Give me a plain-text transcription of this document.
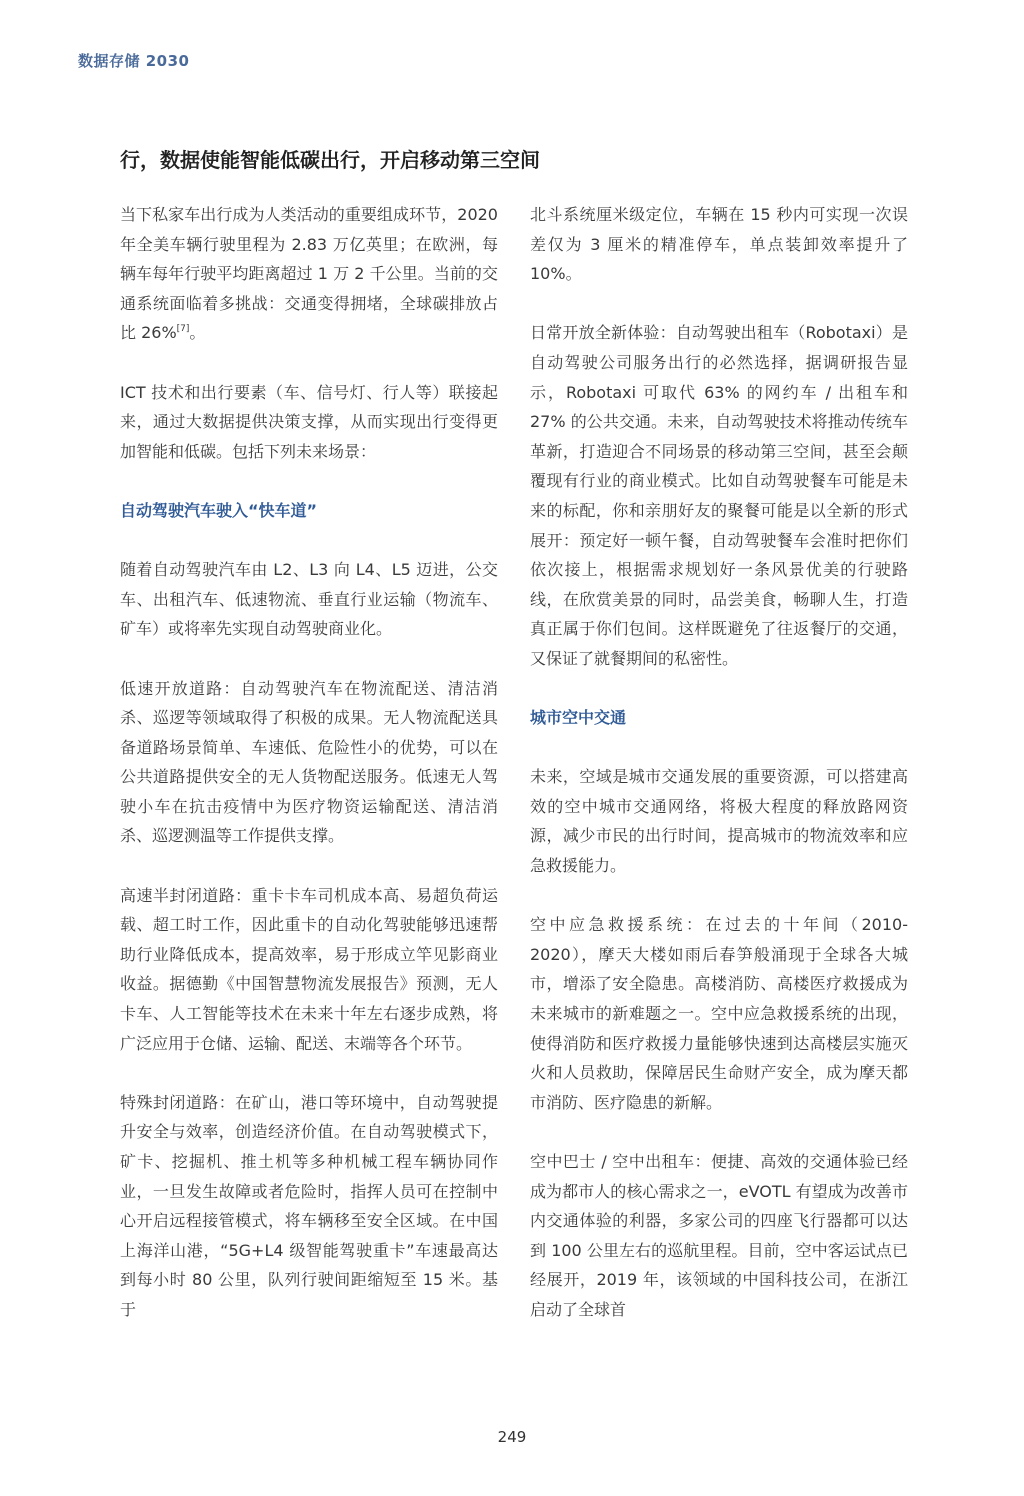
数据存储 2030
行，数据使能智能低碳出行，开启移动第三空间

当下私家车出行成为人类活动的重要组成环节，2020 年全美车辆行驶里程为 2.83 万亿英里；在欧洲，每辆车每年行驶平均距离超过 1 万 2 千公里。当前的交通系统面临着多挑战：交通变得拥堵，全球碳排放占比 26%[7]。

ICT 技术和出行要素（车、信号灯、行人等）联接起来，通过大数据提供决策支撑，从而实现出行变得更加智能和低碳。包括下列未来场景：

自动驾驶汽车驶入“快车道”

随着自动驾驶汽车由 L2、L3 向 L4、L5 迈进，公交车、出租汽车、低速物流、垂直行业运输（物流车、矿车）或将率先实现自动驾驶商业化。

低速开放道路：自动驾驶汽车在物流配送、清洁消杀、巡逻等领域取得了积极的成果。无人物流配送具备道路场景简单、车速低、危险性小的优势，可以在公共道路提供安全的无人货物配送服务。低速无人驾驶小车在抗击疫情中为医疗物资运输配送、清洁消杀、巡逻测温等工作提供支撑。

高速半封闭道路：重卡卡车司机成本高、易超负荷运载、超工时工作，因此重卡的自动化驾驶能够迅速帮助行业降低成本，提高效率，易于形成立竿见影商业收益。据德勤《中国智慧物流发展报告》预测，无人卡车、人工智能等技术在未来十年左右逐步成熟，将广泛应用于仓储、运输、配送、末端等各个环节。

特殊封闭道路：在矿山，港口等环境中，自动驾驶提升安全与效率，创造经济价值。在自动驾驶模式下，矿卡、挖掘机、推土机等多种机械工程车辆协同作业，一旦发生故障或者危险时，指挥人员可在控制中心开启远程接管模式，将车辆移至安全区域。在中国上海洋山港，“5G+L4 级智能驾驶重卡”车速最高达到每小时 80 公里，队列行驶间距缩短至 15 米。基于

北斗系统厘米级定位，车辆在 15 秒内可实现一次误差仅为 3 厘米的精准停车，单点装卸效率提升了 10%。

日常开放全新体验：自动驾驶出租车（Robotaxi）是自动驾驶公司服务出行的必然选择，据调研报告显示，Robotaxi 可取代 63% 的网约车 / 出租车和 27% 的公共交通。未来，自动驾驶技术将推动传统车革新，打造迎合不同场景的移动第三空间，甚至会颠覆现有行业的商业模式。比如自动驾驶餐车可能是未来的标配，你和亲朋好友的聚餐可能是以全新的形式展开：预定好一顿午餐，自动驾驶餐车会准时把你们依次接上，根据需求规划好一条风景优美的行驶路线，在欣赏美景的同时，品尝美食，畅聊人生，打造真正属于你们包间。这样既避免了往返餐厅的交通，又保证了就餐期间的私密性。

城市空中交通

未来，空域是城市交通发展的重要资源，可以搭建高效的空中城市交通网络，将极大程度的释放路网资源，减少市民的出行时间，提高城市的物流效率和应急救援能力。

空中应急救援系统：在过去的十年间（2010-2020），摩天大楼如雨后春笋般涌现于全球各大城市，增添了安全隐患。高楼消防、高楼医疗救援成为未来城市的新难题之一。空中应急救援系统的出现，使得消防和医疗救援力量能够快速到达高楼层实施灭火和人员救助，保障居民生命财产安全，成为摩天都市消防、医疗隐患的新解。

空中巴士 / 空中出租车：便捷、高效的交通体验已经成为都市人的核心需求之一，eVOTL 有望成为改善市内交通体验的利器，多家公司的四座飞行器都可以达到 100 公里左右的巡航里程。目前，空中客运试点已经展开，2019 年，该领域的中国科技公司，在浙江启动了全球首

249
